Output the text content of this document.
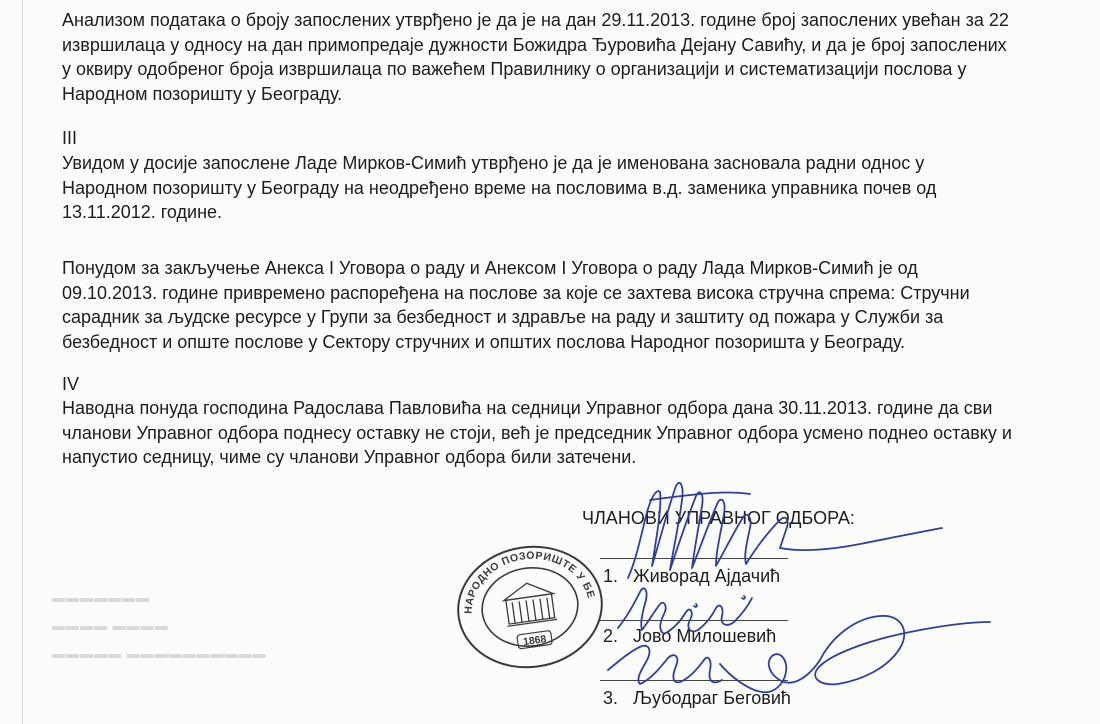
▬▬▬▬▬▬▬
▬▬▬▬ ▬▬▬▬
▬▬▬▬▬ ▬▬▬▬▬▬▬▬▬▬

Анализом података о броју запослених утврђено је да је на дан 29.11.2013. године број запослених увећан за 22
извршилаца у односу на дан примопредаје дужности Божидра Ђуровића Дејану Савићу, и да је број запослених
у оквиру одобреног броја извршилаца по важећем Правилнику о организацији и систематизацији послова у
Народном позоришту у Београду.

III

Увидом у досије запослене Ладе Мирков-Симић утврђено је да је именована засновала радни однос у
Народном позоришту у Београду на неодређено време на пословима в.д. заменика управника почев од
13.11.2012. године.

Понудом за закључење Анекса I Уговора о раду и Анексом I Уговора о раду Лада Мирков-Симић је од
09.10.2013. године привремено распоређена на послове за које се захтева висока стручна спрема: Стручни
сарадник за људске ресурсе у Групи за безбедност и здравље на раду и заштиту од пожара у Служби за
безбедност и опште послове у Сектору стручних и општих послова Народног позоришта у Београду.

IV

Наводна понуда господина Радослава Павловића на седници Управног одбора дана 30.11.2013. године да сви
чланови Управног одбора поднесу оставку не стоји, већ је председник Управног одбора усмено поднео оставку и
напустио седницу, чиме су чланови Управног одбора били затечени.

ЧЛАНОВИ УПРАВНОГ ОДБОРА:

1. Живорад Ајдачић
2. Јово Милошевић
3. Љубодраг Беговић
НАРОДНО ПОЗОРИШТЕ У БЕОГРАДУ
1868
